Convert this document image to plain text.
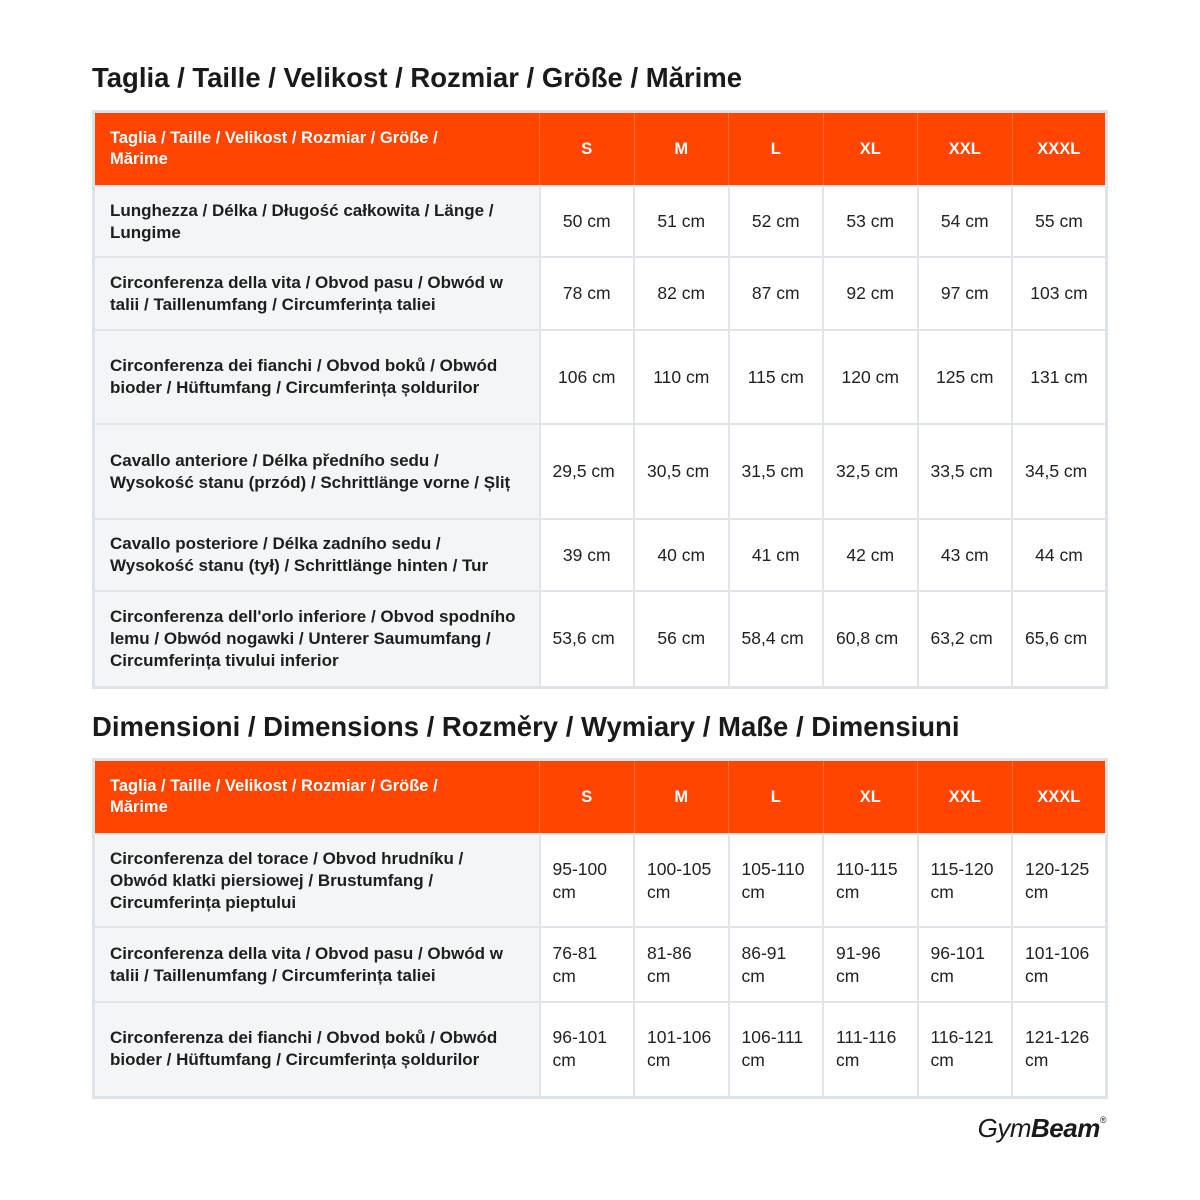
Taglia / Taille / Velikost / Rozmiar / Größe / Mărime
Taglia / Taille / Velikost / Rozmiar / Größe / Mărime	S	M	L	XL	XXL	XXXL
Lunghezza / Délka / Długość całkowita / Länge / Lungime	50 cm	51 cm	52 cm	53 cm	54 cm	55 cm
Circonferenza della vita / Obvod pasu / Obwód w talii / Taillenumfang / Circumferința taliei	78 cm	82 cm	87 cm	92 cm	97 cm	103 cm
Circonferenza dei fianchi / Obvod boků / Obwód bioder / Hüftumfang / Circumferința șoldurilor	106 cm	110 cm	115 cm	120 cm	125 cm	131 cm
Cavallo anteriore / Délka předního sedu / Wysokość stanu (przód) / Schrittlänge vorne / Șliț	29,5 cm	30,5 cm	31,5 cm	32,5 cm	33,5 cm	34,5 cm
Cavallo posteriore / Délka zadního sedu / Wysokość stanu (tył) / Schrittlänge hinten / Tur	39 cm	40 cm	41 cm	42 cm	43 cm	44 cm
Circonferenza dell'orlo inferiore / Obvod spodního lemu / Obwód nogawki / Unterer Saumumfang / Circumferința tivului inferior	53,6 cm	56 cm	58,4 cm	60,8 cm	63,2 cm	65,6 cm
Dimensioni / Dimensions / Rozměry / Wymiary / Maße / Dimensiuni
Taglia / Taille / Velikost / Rozmiar / Größe / Mărime	S	M	L	XL	XXL	XXXL
Circonferenza del torace / Obvod hrudníku / Obwód klatki piersiowej / Brustumfang / Circumferința pieptului	95-100 cm	100-105 cm	105-110 cm	110-115 cm	115-120 cm	120-125 cm
Circonferenza della vita / Obvod pasu / Obwód w talii / Taillenumfang / Circumferința taliei	76-81 cm	81-86 cm	86-91 cm	91-96 cm	96-101 cm	101-106 cm
Circonferenza dei fianchi / Obvod boků / Obwód bioder / Hüftumfang / Circumferința șoldurilor	96-101 cm	101-106 cm	106-111 cm	111-116 cm	116-121 cm	121-126 cm
GymBeam®
